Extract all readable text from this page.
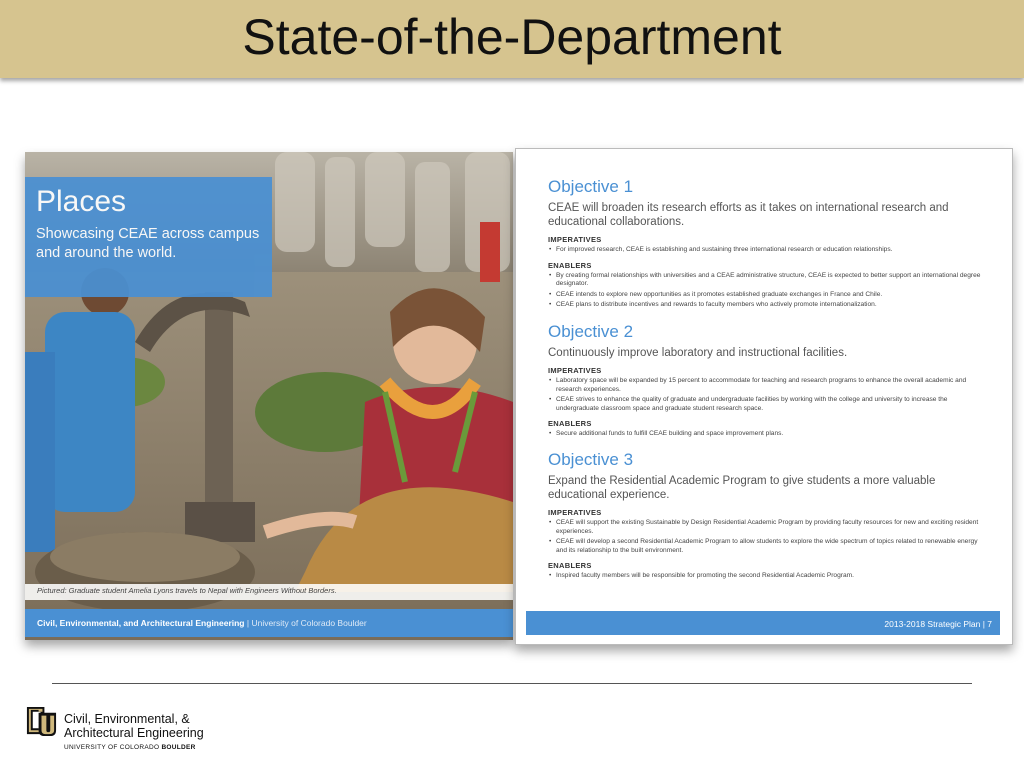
State-of-the-Department
Places
Showcasing CEAE across campus and around the world.
Pictured: Graduate student Amelia Lyons travels to Nepal with Engineers Without Borders.
Civil, Environmental, and Architectural Engineering | University of Colorado Boulder
Objective 1
CEAE will broaden its research efforts as it takes on international research and educational collaborations.
IMPERATIVES
• For improved research, CEAE is establishing and sustaining three international research or education relationships.
ENABLERS
• By creating formal relationships with universities and a CEAE administrative structure, CEAE is expected to better support an international degree designator.
• CEAE intends to explore new opportunities as it promotes established graduate exchanges in France and Chile.
• CEAE plans to distribute incentives and rewards to faculty members who actively promote internationalization.
Objective 2
Continuously improve laboratory and instructional facilities.
IMPERATIVES
• Laboratory space will be expanded by 15 percent to accommodate for teaching and research programs to enhance the overall academic and research experiences.
• CEAE strives to enhance the quality of graduate and undergraduate facilities by working with the college and university to increase the undergraduate classroom space and graduate student research space.
ENABLERS
• Secure additional funds to fulfill CEAE building and space improvement plans.
Objective 3
Expand the Residential Academic Program to give students a more valuable educational experience.
IMPERATIVES
• CEAE will support the existing Sustainable by Design Residential Academic Program by providing faculty resources for new and exciting resident experiences.
• CEAE will develop a second Residential Academic Program to allow students to explore the wide spectrum of topics related to renewable energy and its relationship to the built environment.
ENABLERS
• Inspired faculty members will be responsible for promoting the second Residential Academic Program.
2013-2018 Strategic Plan | 7
Civil, Environmental, &
Architectural Engineering
UNIVERSITY OF COLORADO BOULDER
